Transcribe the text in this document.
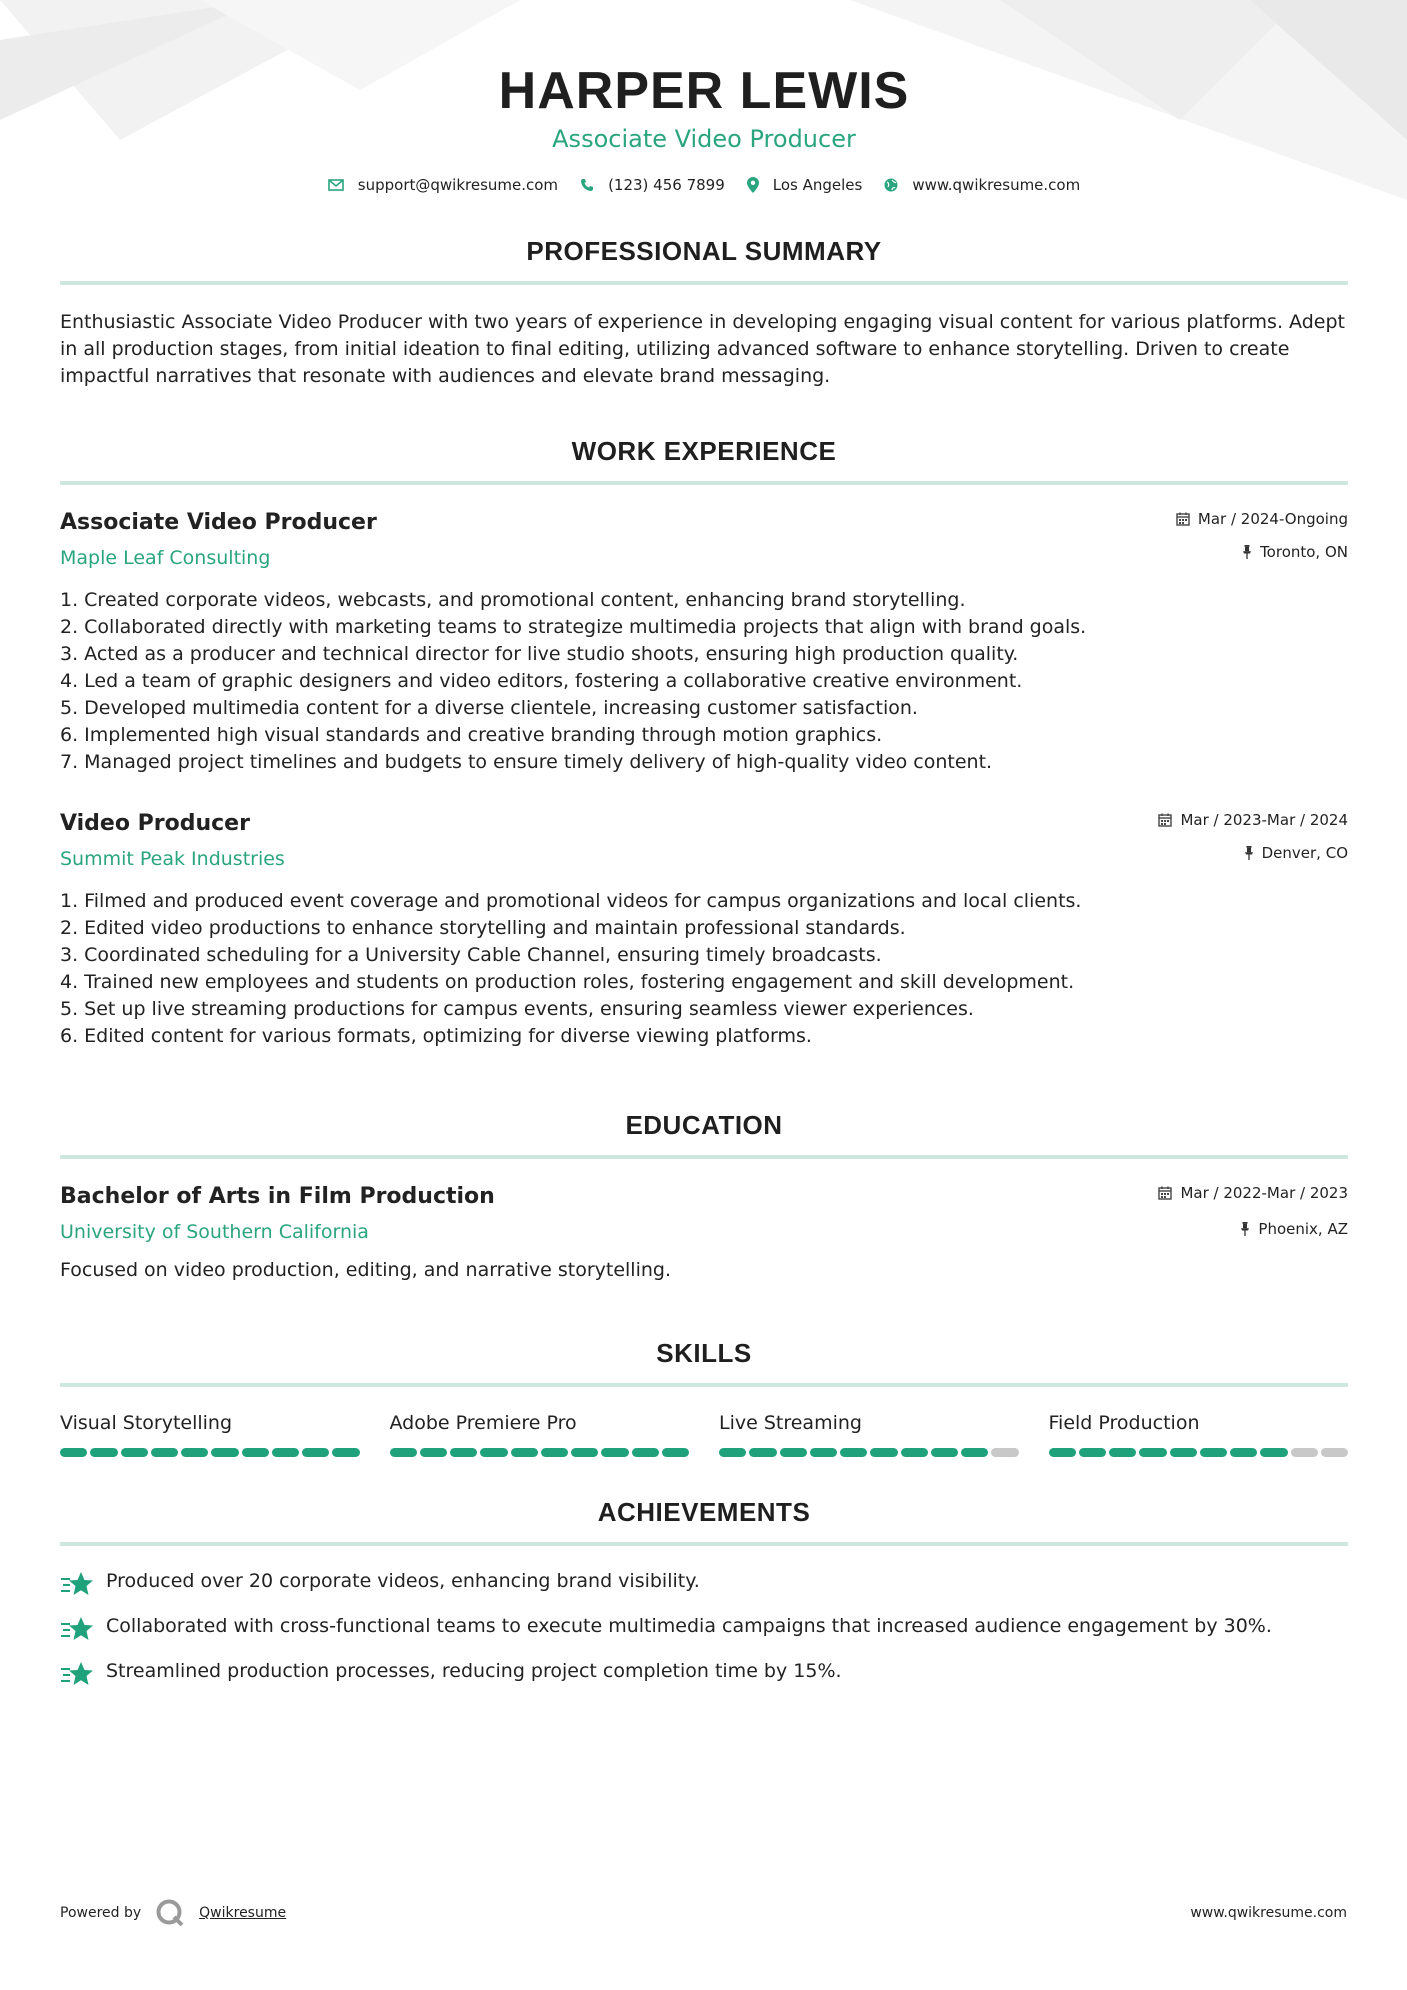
HARPER LEWIS
Associate Video Producer
support@qwikresume.com	(123) 456 7899	Los Angeles	www.qwikresume.com
PROFESSIONAL SUMMARY
Enthusiastic Associate Video Producer with two years of experience in developing engaging visual content for various platforms. Adept in all production stages, from initial ideation to final editing, utilizing advanced software to enhance storytelling. Driven to create impactful narratives that resonate with audiences and elevate brand messaging.
WORK EXPERIENCE
Associate Video Producer
Maple Leaf Consulting
Mar / 2024-Ongoing
Toronto, ON
1. Created corporate videos, webcasts, and promotional content, enhancing brand storytelling.
2. Collaborated directly with marketing teams to strategize multimedia projects that align with brand goals.
3. Acted as a producer and technical director for live studio shoots, ensuring high production quality.
4. Led a team of graphic designers and video editors, fostering a collaborative creative environment.
5. Developed multimedia content for a diverse clientele, increasing customer satisfaction.
6. Implemented high visual standards and creative branding through motion graphics.
7. Managed project timelines and budgets to ensure timely delivery of high-quality video content.
Video Producer
Summit Peak Industries
Mar / 2023-Mar / 2024
Denver, CO
1. Filmed and produced event coverage and promotional videos for campus organizations and local clients.
2. Edited video productions to enhance storytelling and maintain professional standards.
3. Coordinated scheduling for a University Cable Channel, ensuring timely broadcasts.
4. Trained new employees and students on production roles, fostering engagement and skill development.
5. Set up live streaming productions for campus events, ensuring seamless viewer experiences.
6. Edited content for various formats, optimizing for diverse viewing platforms.
EDUCATION
Bachelor of Arts in Film Production
University of Southern California
Mar / 2022-Mar / 2023
Phoenix, AZ
Focused on video production, editing, and narrative storytelling.
SKILLS
Visual Storytelling	Adobe Premiere Pro	Live Streaming	Field Production
ACHIEVEMENTS
Produced over 20 corporate videos, enhancing brand visibility.
Collaborated with cross-functional teams to execute multimedia campaigns that increased audience engagement by 30%.
Streamlined production processes, reducing project completion time by 15%.
Powered by	Qwikresume	www.qwikresume.com
